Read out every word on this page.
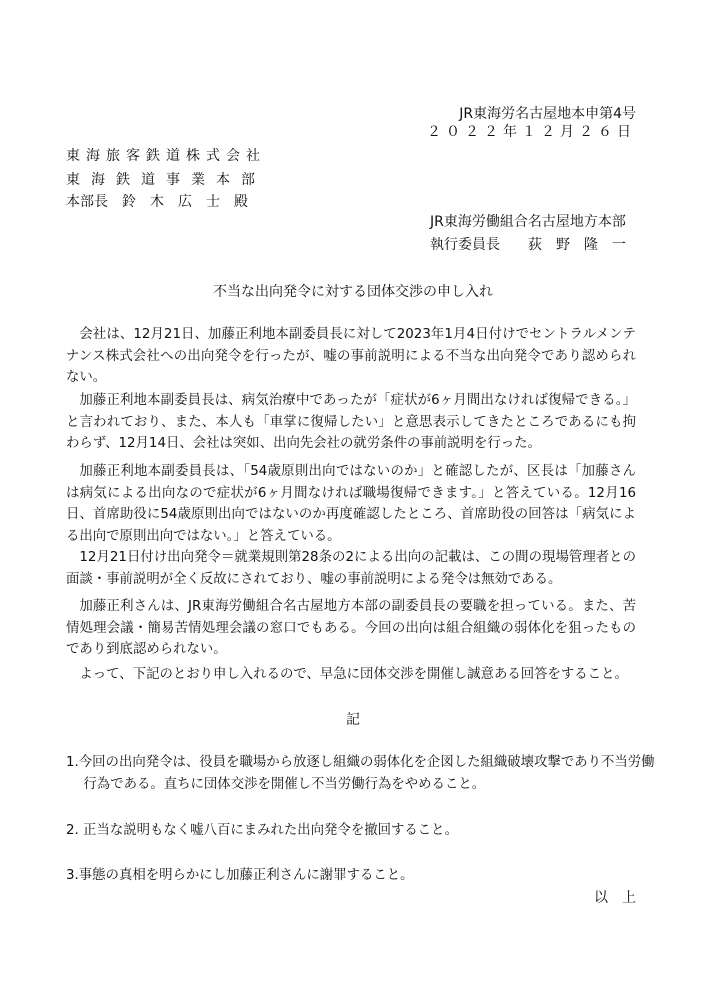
JR東海労名古屋地本申第4号
２０２２年１２月２６日
東海旅客鉄道株式会社
東海鉄道事業本部
本部長　鈴　木　広　士　殿
JR東海労働組合名古屋地方本部
執行委員長　　荻　野　隆　一
不当な出向発令に対する団体交渉の申し入れ
会社は、12月21日、加藤正利地本副委員長に対して2023年1月4日付けでセントラルメンテナンス株式会社への出向発令を行ったが、嘘の事前説明による不当な出向発令であり認められない。
加藤正利地本副委員長は、病気治療中であったが「症状が6ヶ月間出なければ復帰できる。」と言われており、また、本人も「車掌に復帰したい」と意思表示してきたところであるにも拘わらず、12月14日、会社は突如、出向先会社の就労条件の事前説明を行った。
加藤正利地本副委員長は、「54歳原則出向ではないのか」と確認したが、区長は「加藤さんは病気による出向なので症状が6ヶ月間なければ職場復帰できます。」と答えている。12月16日、首席助役に54歳原則出向ではないのか再度確認したところ、首席助役の回答は「病気による出向で原則出向ではない。」と答えている。
12月21日付け出向発令＝就業規則第28条の2による出向の記載は、この間の現場管理者との面談・事前説明が全く反故にされており、嘘の事前説明による発令は無効である。
加藤正利さんは、JR東海労働組合名古屋地方本部の副委員長の要職を担っている。また、苦情処理会議・簡易苦情処理会議の窓口でもある。今回の出向は組合組織の弱体化を狙ったものであり到底認められない。
よって、下記のとおり申し入れるので、早急に団体交渉を開催し誠意ある回答をすること。
記
1.今回の出向発令は、役員を職場から放逐し組織の弱体化を企図した組織破壊攻撃であり不当労働行為である。直ちに団体交渉を開催し不当労働行為をやめること。
2. 正当な説明もなく嘘八百にまみれた出向発令を撤回すること。
3.事態の真相を明らかにし加藤正利さんに謝罪すること。
以　上
